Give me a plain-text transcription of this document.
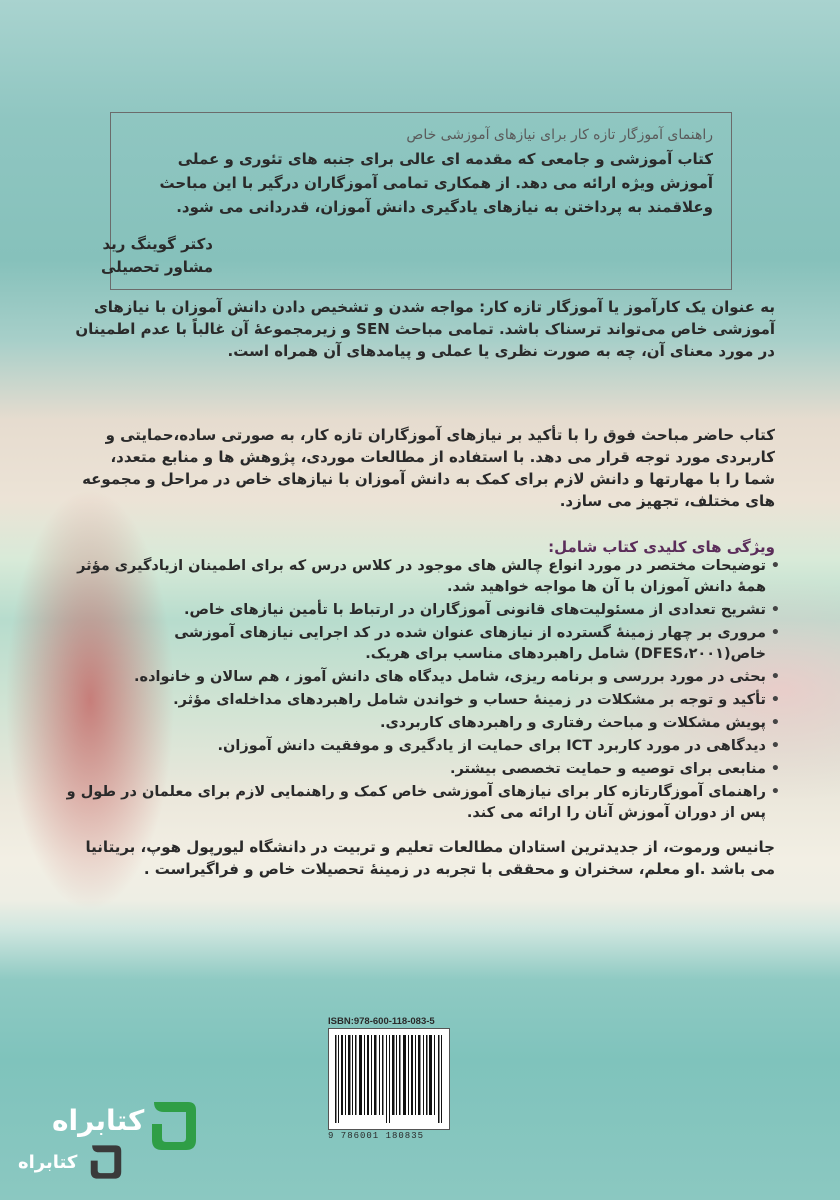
راهنمای آموزگار تازه کار برای نیازهای آموزشی خاص

کتاب آموزشی و جامعی که مقدمه ای عالی برای جنبه های تئوری و عملی آموزش ویژه ارائه می دهد. از همکاری تمامی آموزگاران درگیر با این مباحث وعلاقمند به پرداختن به نیازهای یادگیری دانش آموزان، قدردانی می شود.

دکتر گوینگ رید
مشاور تحصیلی
به عنوان یک کارآموز یا آموزگار تازه کار: مواجه شدن و تشخیص دادن دانش آموزان با نیازهای آموزشی خاص می‌تواند ترسناک باشد. تمامی مباحث SEN و زیرمجموعهٔ آن غالباً با عدم اطمینان در مورد معنای آن، چه به صورت نظری یا عملی و پیامدهای آن همراه است.
کتاب حاضر مباحث فوق را با تأکید بر نیازهای آموزگاران تازه کار، به صورتی ساده،حمایتی و کاربردی مورد توجه قرار می دهد. با استفاده از مطالعات موردی، پژوهش ها و منابع متعدد، شما را با مهارتها و دانش لازم برای کمک به دانش آموزان با نیازهای خاص در مراحل و مجموعه های مختلف، تجهیز می سازد.
ویژگی های کلیدی کتاب شامل:
• توضیحات مختصر در مورد انواع چالش های موجود در کلاس درس که برای اطمینان ازیادگیری مؤثر همهٔ دانش آموزان با آن ها مواجه خواهید شد.
• تشریح تعدادی از مسئولیت‌های قانونی آموزگاران در ارتباط با تأمین نیازهای خاص.
• مروری بر چهار زمینهٔ گسترده از نیازهای عنوان شده در کد اجرایی نیازهای آموزشی خاص(DFES،۲۰۰۱) شامل راهبردهای مناسب برای هریک.
• بحثی در مورد بررسی و برنامه ریزی، شامل دیدگاه های دانش آموز ، هم سالان و خانواده.
• تأکید و توجه بر مشکلات در زمینهٔ حساب و خواندن شامل راهبردهای مداخله‌ای مؤثر.
• پویش مشکلات و مباحث رفتاری و راهبردهای کاربردی.
• دیدگاهی در مورد کاربرد ICT برای حمایت از یادگیری و موفقیت دانش آموزان.
• منابعی برای توصیه و حمایت تخصصی بیشتر.
• راهنمای آموزگارتازه کار برای نیازهای آموزشی خاص کمک و راهنمایی لازم برای معلمان در طول و پس از دوران آموزش آنان را ارائه می کند.
جانیس ورموت، از جدیدترین استادان مطالعات تعلیم و تربیت در دانشگاه لیورپول هوپ، بریتانیا می باشد .او معلم، سخنران و محققی با تجربه در زمینهٔ تحصیلات خاص و فراگیراست .
ISBN:978-600-118-083-5
9 786001 180835
کتابراه
کتابراه
